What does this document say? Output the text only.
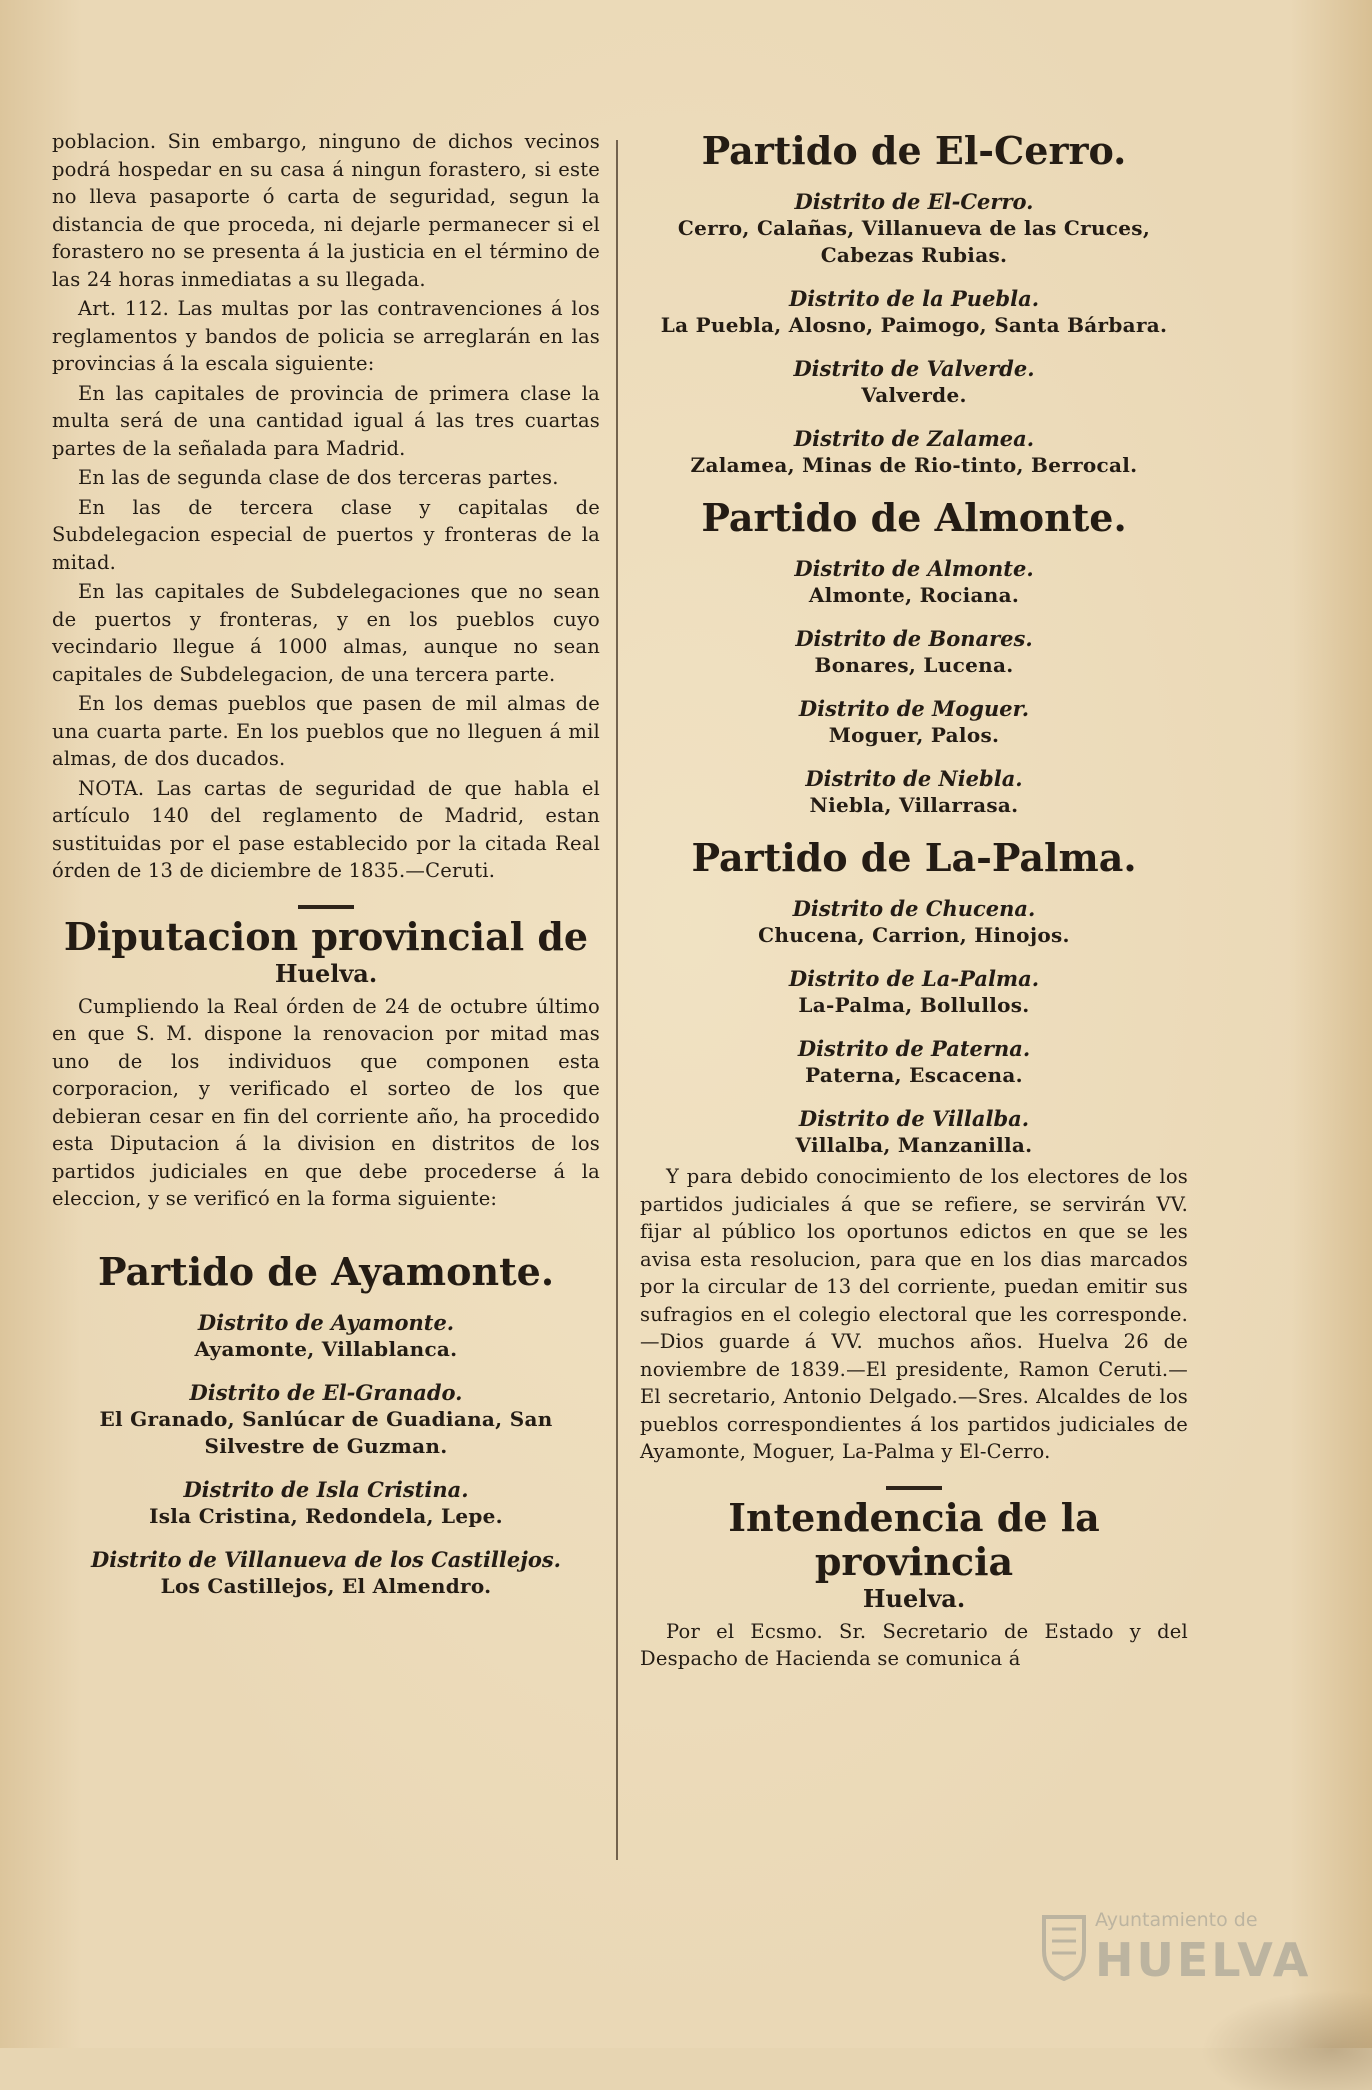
poblacion. Sin embargo, ninguno de dichos vecinos podrá hospedar en su casa á ningun forastero, si este no lleva pasaporte ó carta de seguridad, segun la distancia de que proceda, ni dejarle permanecer si el forastero no se presenta á la justicia en el término de las 24 horas inmediatas a su llegada.

Art. 112. Las multas por las contravenciones á los reglamentos y bandos de policia se arreglarán en las provincias á la escala siguiente:

En las capitales de provincia de primera clase la multa será de una cantidad igual á las tres cuartas partes de la señalada para Madrid.

En las de segunda clase de dos terceras partes.

En las de tercera clase y capitalas de Subdelegacion especial de puertos y fronteras de la mitad.

En las capitales de Subdelegaciones que no sean de puertos y fronteras, y en los pueblos cuyo vecindario llegue á 1000 almas, aunque no sean capitales de Subdelegacion, de una tercera parte.

En los demas pueblos que pasen de mil almas de una cuarta parte. En los pueblos que no lleguen á mil almas, de dos ducados.

NOTA. Las cartas de seguridad de que habla el artículo 140 del reglamento de Madrid, estan sustituidas por el pase establecido por la citada Real órden de 13 de diciembre de 1835.—Ceruti.

Diputacion provincial de
Huelva.

Cumpliendo la Real órden de 24 de octubre último en que S. M. dispone la renovacion por mitad mas uno de los individuos que componen esta corporacion, y verificado el sorteo de los que debieran cesar en fin del corriente año, ha procedido esta Diputacion á la division en distritos de los partidos judiciales en que debe procederse á la eleccion, y se verificó en la forma siguiente:

Partido de Ayamonte.
Distrito de Ayamonte.
Ayamonte, Villablanca.
Distrito de El-Granado.
El Granado, Sanlúcar de Guadiana, San Silvestre de Guzman.
Distrito de Isla Cristina.
Isla Cristina, Redondela, Lepe.
Distrito de Villanueva de los Castillejos.
Los Castillejos, El Almendro.
Partido de El-Cerro.
Distrito de El-Cerro.
Cerro, Calañas, Villanueva de las Cruces, Cabezas Rubias.
Distrito de la Puebla.
La Puebla, Alosno, Paimogo, Santa Bárbara.
Distrito de Valverde.
Valverde.
Distrito de Zalamea.
Zalamea, Minas de Rio-tinto, Berrocal.
Partido de Almonte.
Distrito de Almonte.
Almonte, Rociana.
Distrito de Bonares.
Bonares, Lucena.
Distrito de Moguer.
Moguer, Palos.
Distrito de Niebla.
Niebla, Villarrasa.
Partido de La-Palma.
Distrito de Chucena.
Chucena, Carrion, Hinojos.
Distrito de La-Palma.
La-Palma, Bollullos.
Distrito de Paterna.
Paterna, Escacena.
Distrito de Villalba.
Villalba, Manzanilla.

Y para debido conocimiento de los electores de los partidos judiciales á que se refiere, se servirán VV. fijar al público los oportunos edictos en que se les avisa esta resolucion, para que en los dias marcados por la circular de 13 del corriente, puedan emitir sus sufragios en el colegio electoral que les corresponde.—Dios guarde á VV. muchos años. Huelva 26 de noviembre de 1839.—El presidente, Ramon Ceruti.—El secretario, Antonio Delgado.—Sres. Alcaldes de los pueblos correspondientes á los partidos judiciales de Ayamonte, Moguer, La-Palma y El-Cerro.

Intendencia de la provincia
Huelva.

Por el Ecsmo. Sr. Secretario de Estado y del Despacho de Hacienda se comunica á

Ayuntamiento de
HUELVA
